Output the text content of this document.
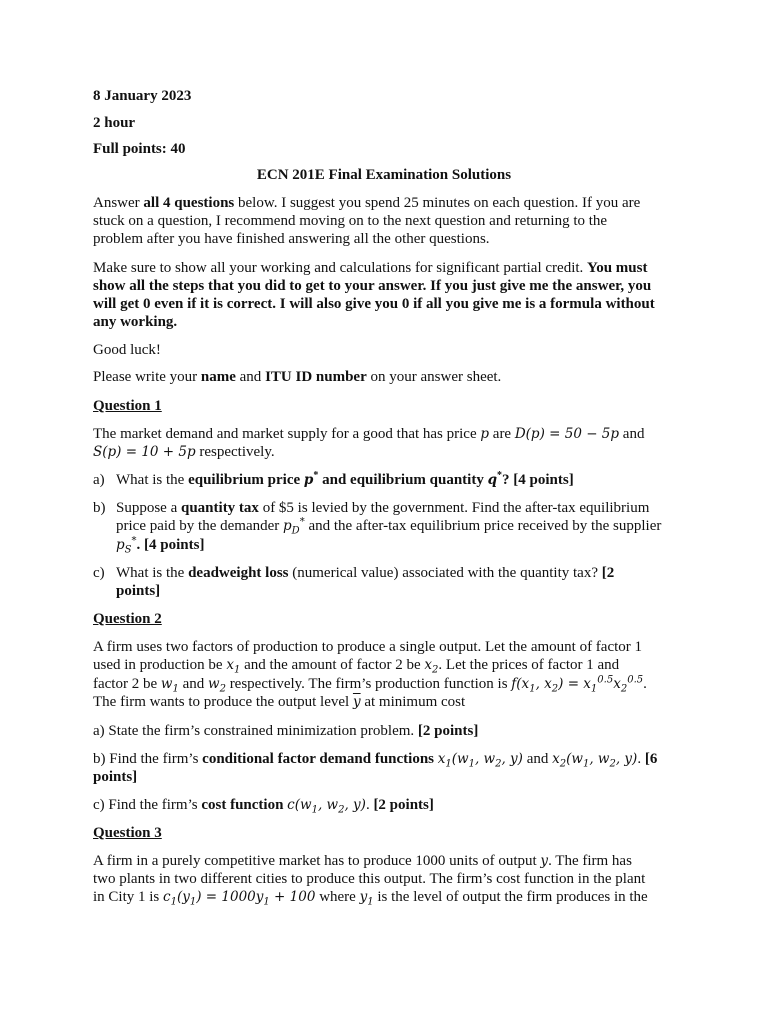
8 January 2023
2 hour
Full points: 40
ECN 201E Final Examination Solutions
Answer all 4 questions below. I suggest you spend 25 minutes on each question. If you are
stuck on a question, I recommend moving on to the next question and returning to the
problem after you have finished answering all the other questions.
Make sure to show all your working and calculations for significant partial credit. You must
show all the steps that you did to get to your answer. If you just give me the answer, you
will get 0 even if it is correct. I will also give you 0 if all you give me is a formula without
any working.
Good luck!
Please write your name and ITU ID number on your answer sheet.
Question 1
The market demand and market supply for a good that has price p are D(p) = 50 − 5p and
S(p) = 10 + 5p respectively.
a) What is the equilibrium price p* and equilibrium quantity q*? [4 points]
b) Suppose a quantity tax of $5 is levied by the government. Find the after-tax equilibrium
price paid by the demander $p_D^*$ and the after-tax equilibrium price received by the supplier
$p_S^*$. [4 points]
c) What is the deadweight loss (numerical value) associated with the quantity tax? [2
points]
Question 2
A firm uses two factors of production to produce a single output. Let the amount of factor 1
used in production be $x_1$ and the amount of factor 2 be $x_2$. Let the prices of factor 1 and
factor 2 be $w_1$ and $w_2$ respectively. The firm’s production function is $f(x_1$, $x_2) = x_1^{0.5}x_2^{0.5}$.
The firm wants to produce the output level $\overline{y}$ at minimum cost
a) State the firm’s constrained minimization problem. [2 points]
b) Find the firm’s conditional factor demand functions $x_1(w_1$, $w_2$, y) and $x_2(w_1$, $w_2$, y). [6
points]
c) Find the firm’s cost function $c(w_1$, $w_2$, y). [2 points]
Question 3
A firm in a purely competitive market has to produce 1000 units of output y. The firm has
two plants in two different cities to produce this output. The firm’s cost function in the plant
in City 1 is $c_1(y_1) = 1000y_1 + 100$ where $y_1$ is the level of output the firm produces in the
